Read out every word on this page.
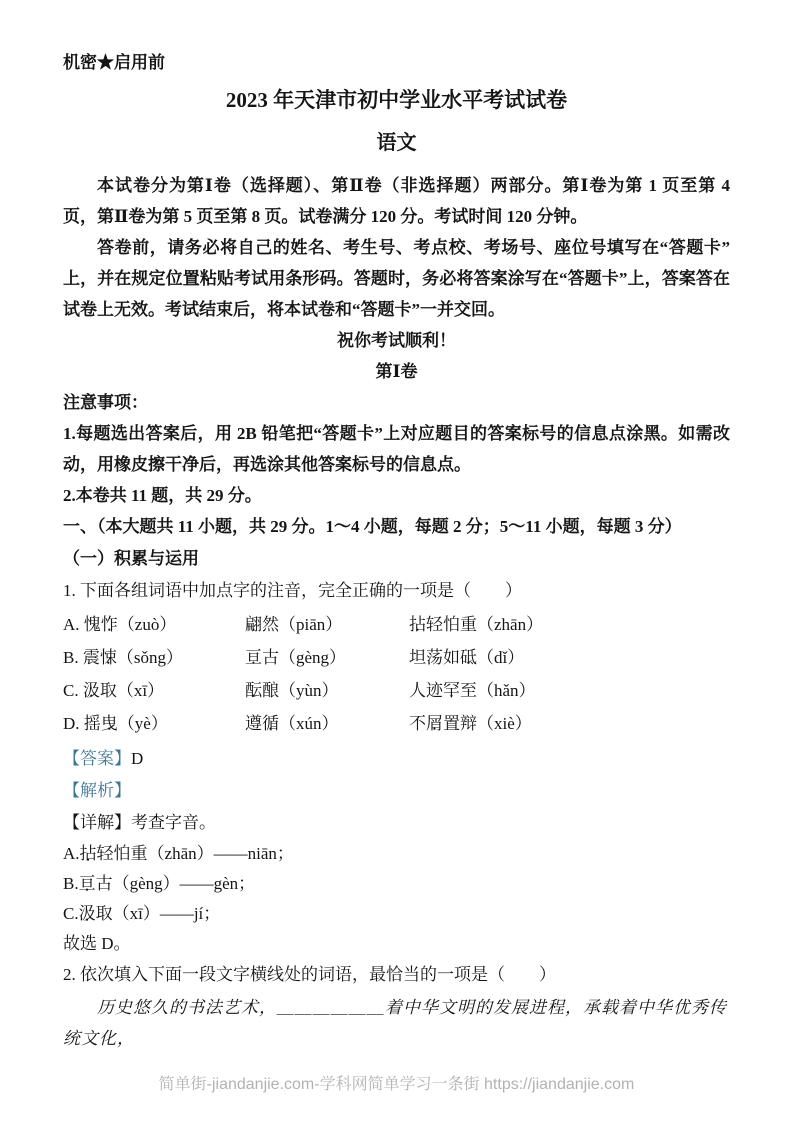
机密★启用前
2023 年天津市初中学业水平考试试卷
语文

本试卷分为第Ⅰ卷（选择题）、第Ⅱ卷（非选择题）两部分。第Ⅰ卷为第 1 页至第 4 页，第Ⅱ卷为第 5 页至第 8 页。试卷满分 120 分。考试时间 120 分钟。

答卷前，请务必将自己的姓名、考生号、考点校、考场号、座位号填写在“答题卡”上，并在规定位置粘贴考试用条形码。答题时，务必将答案涂写在“答题卡”上，答案答在试卷上无效。考试结束后，将本试卷和“答题卡”一并交回。

祝你考试顺利！

第Ⅰ卷

注意事项：

1.每题选出答案后，用 2B 铅笔把“答题卡”上对应题目的答案标号的信息点涂黑。如需改动，用橡皮擦干净后，再选涂其他答案标号的信息点。

2.本卷共 11 题，共 29 分。

一、（本大题共 11 小题，共 29 分。1～4 小题，每题 2 分；5～11 小题，每题 3 分）

（一）积累与运用

1. 下面各组词语中加点字的注音，完全正确的一项是（　　）

A. 愧怍 •（zuò）	翩 •然（piān）	拈 •轻怕重（zhān）
B. 震悚 •（sǒng）	亘 •古（gèng）	坦荡如砥 •（dǐ）
C. 汲 •取（xī）	酝 •酿（yùn）	人迹罕 •至（hǎn）
D. 摇曳 •（yè）	遵循 •（xún）	不屑 •置辩（xiè）

【答案】D

【解析】

【详解】考查字音。

A.拈 •轻怕重（zhān）——niān；

B.亘 •古（gèng）——gèn；

C.汲 •取（xī）——jí；

故选 D。

2. 依次填入下面一段文字横线处的词语，最恰当的一项是（　　）

历史悠久的书法艺术，＿＿＿＿＿＿着中华文明的发展进程，承载着中华优秀传统文化，

简单街-jiandanjie.com-学科网简单学习一条街 https://jiandanjie.com
